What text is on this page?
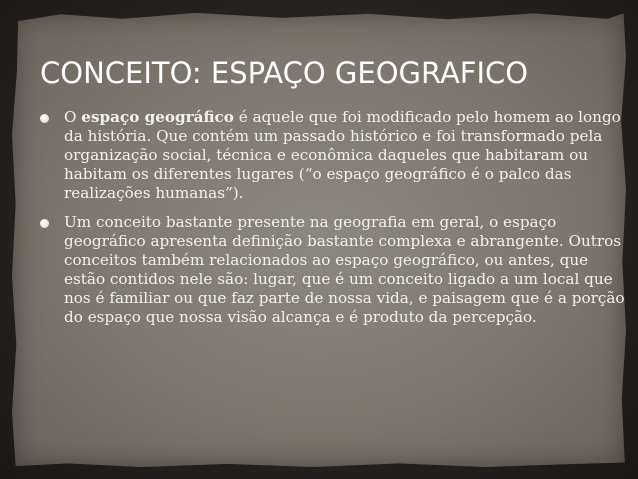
CONCEITO: ESPAÇO GEOGRAFICO
O espaço geográfico é aquele que foi modificado pelo homem ao longo da história. Que contém um passado histórico e foi transformado pela organização social, técnica e econômica daqueles que habitaram ou habitam os diferentes lugares (“o espaço geográfico é o palco das realizações humanas”).
Um conceito bastante presente na geografia em geral, o espaço geográfico apresenta definição bastante complexa e abrangente. Outros conceitos também relacionados ao espaço geográfico, ou antes, que estão contidos nele são: lugar, que é um conceito ligado a um local que nos é familiar ou que faz parte de nossa vida, e paisagem que é a porção do espaço que nossa visão alcança e é produto da percepção.
